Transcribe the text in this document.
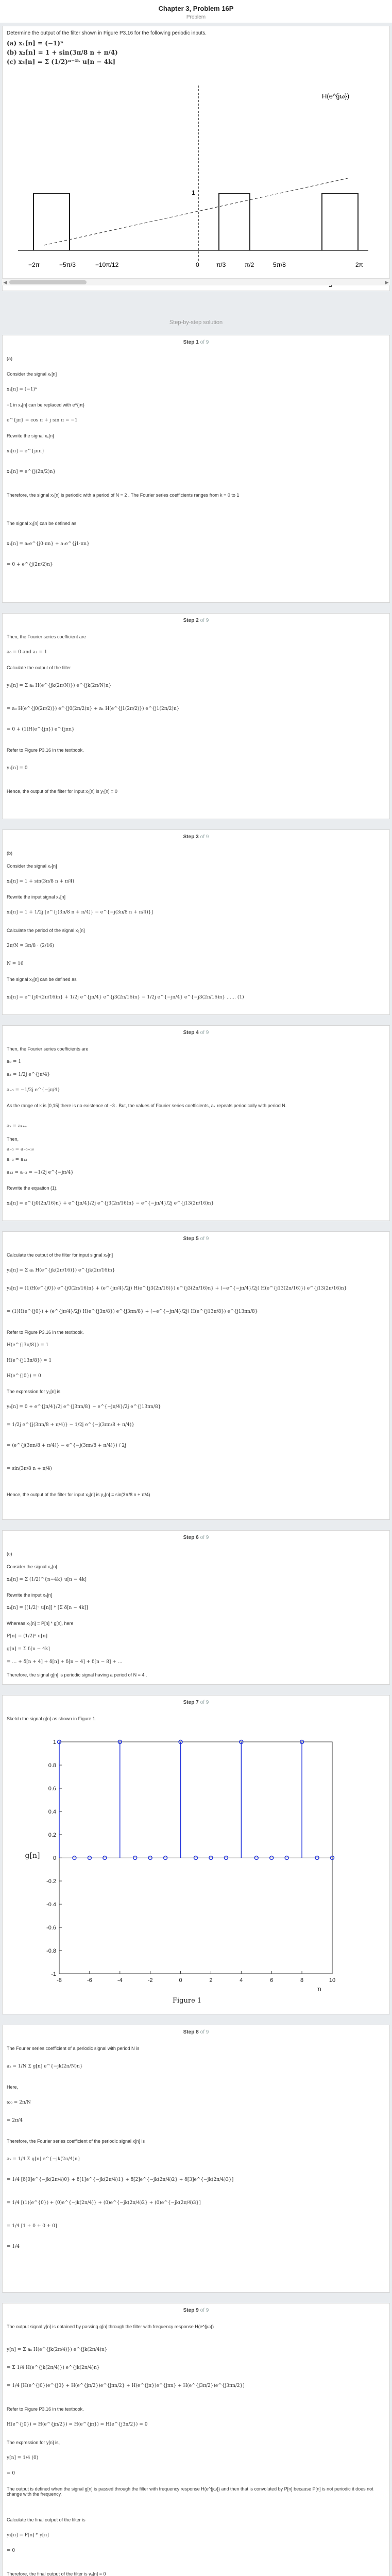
Chapter 3, Problem 16P
Problem
Determine the output of the filter shown in Figure P3.16 for the following periodic inputs.
(a) x₁[n] = (−1)ⁿ
(b) x₂[n] = 1 + sin(3π/8 n + π/4)
(c) x₃[n] = Σ (1/2)ⁿ⁻⁴ᵏ u[n − 4k]
H(e^{jω})
1
−2π	−5π/3	−10π/12	0	π/3	π/2	5π/8	2π
◀	▶
Step-by-step solution
Step 1 of 9
(a)
Consider the signal x₁[n]
x₁[n] = (−1)ⁿ
−1 in x₁[n] can be replaced with e^{jπ}
e^{jπ} = cos π + j sin π = −1
Rewrite the signal x₁[n]
x₁[n] = e^{jπn}
x₁[n] = e^{j(2π/2)n}
Therefore, the signal x₁[n] is periodic with a period of N = 2 . The Fourier series coefficients ranges from k = 0 to 1
The signal x₁[n] can be defined as
x₁[n] = a₀e^{j0·πn} + a₁e^{j1·πn}
= 0 + e^{j(2π/2)n}
Step 2 of 9
Then, the Fourier series coefficient are
a₀ = 0 and a₁ = 1
Calculate the output of the filter
y₁[n] = Σ aₖ H(e^{jk(2π/N)}) e^{jk(2π/N)n}
= a₀ H(e^{j0(2π/2)}) e^{j0(2π/2)n} + a₁ H(e^{j1(2π/2)}) e^{j1(2π/2)n}
= 0 + (1)H(e^{jπ}) e^{jπn}
Refer to Figure P3.16 in the textbook.
y₁[n] = 0
Hence, the output of the filter for input x₁[n] is y₁[n] = 0
Step 3 of 9
(b)
Consider the signal x₂[n]
x₂[n] = 1 + sin(3π/8 n + π/4)
Rewrite the input signal x₂[n]
x₂[n] = 1 + 1/2j [e^{j(3π/8 n + π/4)} − e^{−j(3π/8 n + π/4)}]
Calculate the period of the signal x₂[n]
2π/N = 3π/8 · (2/16)
N = 16
The signal x₂[n] can be defined as
x₂[n] = e^{j0·(2π/16)n} + 1/2j e^{jπ/4} e^{j3(2π/16)n} − 1/2j e^{−jπ/4} e^{−j3(2π/16)n} …… (1)
Step 4 of 9
Then, the Fourier series coefficients are
a₀ = 1
a₃ = 1/2j e^{jπ/4}
a₋₃ = −1/2j e^{−jπ/4}
As the range of k is [0,15] there is no existence of −3 . But, the values of Fourier series coefficients, aₖ repeats periodically with period N.
aₖ = aₖ₊ₙ
Then,
a₋₃ = a₋₃₊₁₆
a₋₃ = a₁₃
a₁₃ = a₋₃ = −1/2j e^{−jπ/4}
Rewrite the equation (1).
x₂[n] = e^{j0(2π/16)n} + e^{jπ/4}/2j e^{j3(2π/16)n} − e^{−jπ/4}/2j e^{j13(2π/16)n}
Step 5 of 9
Calculate the output of the filter for input signal x₂[n]
y₂[n] = Σ aₖ H(e^{jk(2π/16)}) e^{jk(2π/16)n}
y₂[n] = (1)H(e^{j0}) e^{j0(2π/16)n} + (e^{jπ/4}/2j) H(e^{j3(2π/16)}) e^{j3(2π/16)n} + (−e^{−jπ/4}/2j) H(e^{j13(2π/16)}) e^{j13(2π/16)n}
= (1)H(e^{j0}) + (e^{jπ/4}/2j) H(e^{j3π/8}) e^{j3πn/8} + (−e^{−jπ/4}/2j) H(e^{j13π/8}) e^{j13πn/8}
Refer to Figure P3.16 in the textbook.
H(e^{j3π/8}) = 1
H(e^{j13π/8}) = 1
H(e^{j0}) = 0
The expression for y₂[n] is
y₂[n] = 0 + e^{jπ/4}/2j e^{j3πn/8} − e^{−jπ/4}/2j e^{j13πn/8}
= 1/2j e^{j(3πn/8 + π/4)} − 1/2j e^{−j(3πn/8 + π/4)}
= (e^{j(3πn/8 + π/4)} − e^{−j(3πn/8 + π/4)}) / 2j
= sin(3π/8 n + π/4)
Hence, the output of the filter for input x₂[n] is y₂[n] = sin(3π/8 n + π/4)
Step 6 of 9
(c)
Consider the signal x₃[n]
x₃[n] = Σ (1/2)^{n−4k} u[n − 4k]
Rewrite the input x₃[n]
x₃[n] = [(1/2)ⁿ u[n]] * [Σ δ[n − 4k]]
Whereas x₃[n] = P[n] * g[n], here
P[n] = (1/2)ⁿ u[n]
g[n] = Σ δ[n − 4k]
= … + δ[n + 4] + δ[n] + δ[n − 4] + δ[n − 8] + …
Therefore, the signal g[n] is periodic signal having a period of N = 4 .
Step 7 of 9
Sketch the signal g[n] as shown in Figure 1.
1
0.8
0.6
0.4
0.2
0
-0.2
-0.4
-0.6
-0.8
-1
-8	-6	-4	-2	0	2	4	6	8	10
n
g[n]
Figure 1
Step 8 of 9
The Fourier series coefficient of a periodic signal with period N is
aₖ = 1/N Σ g[n] e^{−jk(2π/N)n}
Here,
ω₀ = 2π/N
= 2π/4
Therefore, the Fourier series coefficient of the periodic signal x[n] is
aₖ = 1/4 Σ g[n] e^{−jk(2π/4)n}
= 1/4 [δ[0]e^{−jk(2π/4)0} + δ[1]e^{−jk(2π/4)1} + δ[2]e^{−jk(2π/4)2} + δ[3]e^{−jk(2π/4)3}]
= 1/4 [(1)(e^{0}) + (0)e^{−jk(2π/4)} + (0)e^{−jk(2π/4)2} + (0)e^{−jk(2π/4)3}]
= 1/4 [1 + 0 + 0 + 0]
= 1/4
Step 9 of 9
The output signal y[n] is obtained by passing g[n] through the filter with frequency response H(e^{jω})
y[n] = Σ aₖ H(e^{jk(2π/4)}) e^{jk(2π/4)n}
= Σ 1/4 H(e^{jk(2π/4)}) e^{jk(2π/4)n}
= 1/4 [H(e^{j0})e^{j0} + H(e^{jπ/2})e^{jπn/2} + H(e^{jπ})e^{jπn} + H(e^{j3π/2})e^{j3πn/2}]
Refer to Figure P3.16 in the textbook.
H(e^{j0}) = H(e^{jπ/2}) = H(e^{jπ}) = H(e^{j3π/2}) = 0
The expression for y[n] is,
y[n] = 1/4 (0)
= 0
The output is defined when the signal g[n] is passed through the filter with frequency response H(e^{jω}) and then that is convoluted by P[n] because P[n] is not periodic it does not change with the frequency.
Calculate the final output of the filter is
y₃[n] = P[n] * y[n]
= 0
Therefore, the final output of the filter is y₃[n] = 0
